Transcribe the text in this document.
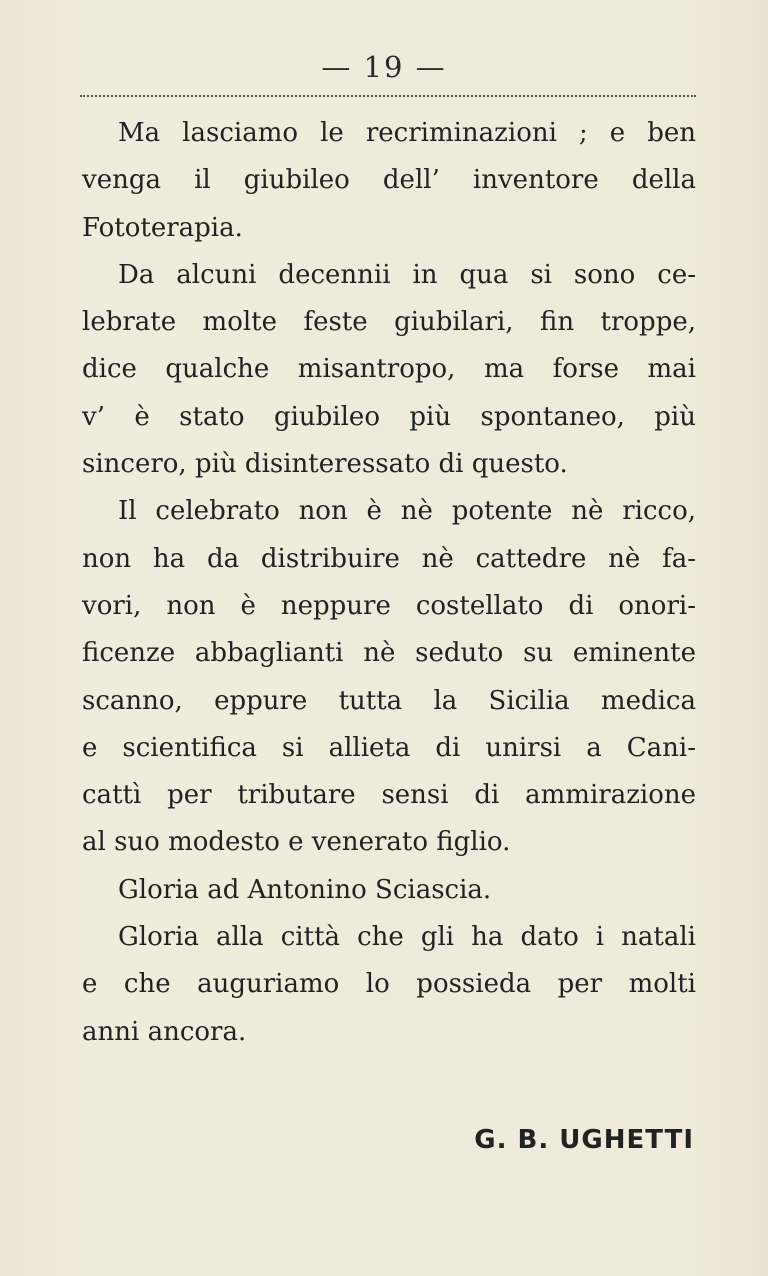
— 19 —

Ma lasciamo le recriminazioni ; e ben
venga il giubileo dell’ inventore della
Fototerapia.

Da alcuni decennii in qua si sono ce-
lebrate molte feste giubilari, fin troppe,
dice qualche misantropo, ma forse mai
v’ è stato giubileo più spontaneo, più
sincero, più disinteressato di questo.

Il celebrato non è nè potente nè ricco,
non ha da distribuire nè cattedre nè fa-
vori, non è neppure costellato di onori-
ficenze abbaglianti nè seduto su eminente
scanno, eppure tutta la Sicilia medica
e scientifica si allieta di unirsi a Cani-
cattì per tributare sensi di ammirazione
al suo modesto e venerato figlio.

Gloria ad Antonino Sciascia.

Gloria alla città che gli ha dato i natali
e che auguriamo lo possieda per molti
anni ancora.

G. B. UGHETTI
